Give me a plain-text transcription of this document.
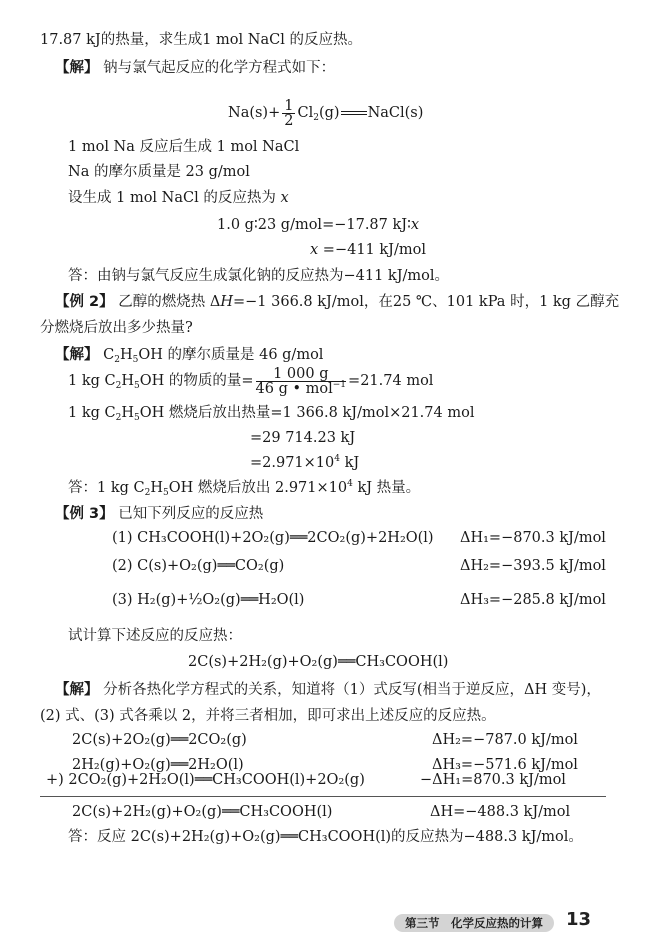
17.87 kJ的热量，求生成1 mol NaCl 的反应热。
【解】 钠与氯气起反应的化学方程式如下：
$Na(s)+ \frac{1}{2} Cl_2(g)$ NaCl(s)
1 mol Na 反应后生成 1 mol NaCl
Na 的摩尔质量是 23 g/mol
设生成 1 mol NaCl 的反应热为 x
1.0 g∶23 g/mol=−17.87 kJ∶x
x =−411 kJ/mol
答：由钠与氯气反应生成氯化钠的反应热为−411 kJ/mol。
【例 2】 乙醇的燃烧热 ΔH=−1 366.8 kJ/mol，在25 ℃、101 kPa 时，1 kg 乙醇充
分燃烧后放出多少热量?
【解】 $C_2H_5OH$ 的摩尔质量是 46 g/mol
1 kg $C_2H_5OH$ 的物质的量= $\frac{1 000 g}{46 g • mol^{-1}} =21.74$ mol
1 kg $C_2H_5OH$ 燃烧后放出热量=1 366.8 kJ/mol×21.74 mol
=29 714.23 kJ
$=2.971\times 10^4$ kJ
答：1 kg $C_2H_5OH$ 燃烧后放出 $2.971\times 10^4$ kJ 热量。
【例 3】 已知下列反应的反应热
(1) CH₃COOH(l)+2O₂(g)══2CO₂(g)+2H₂O(l) ΔH₁=−870.3 kJ/mol
(2) C(s)+O₂(g)══CO₂(g)	ΔH₂=−393.5 kJ/mol
(3) H₂(g)+½O₂(g)══H₂O(l)	ΔH₃=−285.8 kJ/mol
试计算下述反应的反应热：
2C(s)+2H₂(g)+O₂(g)══CH₃COOH(l)
【解】 分析各热化学方程式的关系，知道将（1）式反写(相当于逆反应，ΔH 变号)，
(2) 式、(3) 式各乘以 2，并将三者相加，即可求出上述反应的反应热。
2C(s)+2O₂(g)══2CO₂(g)	ΔH₂=−787.0 kJ/mol
2H₂(g)+O₂(g)══2H₂O(l)	ΔH₃=−571.6 kJ/mol
+) 2CO₂(g)+2H₂O(l)══CH₃COOH(l)+2O₂(g)	−ΔH₁=870.3 kJ/mol
2C(s)+2H₂(g)+O₂(g)══CH₃COOH(l)	ΔH=−488.3 kJ/mol
答：反应 2C(s)+2H₂(g)+O₂(g)══CH₃COOH(l)的反应热为−488.3 kJ/mol。
第三节　化学反应热的计算	13
